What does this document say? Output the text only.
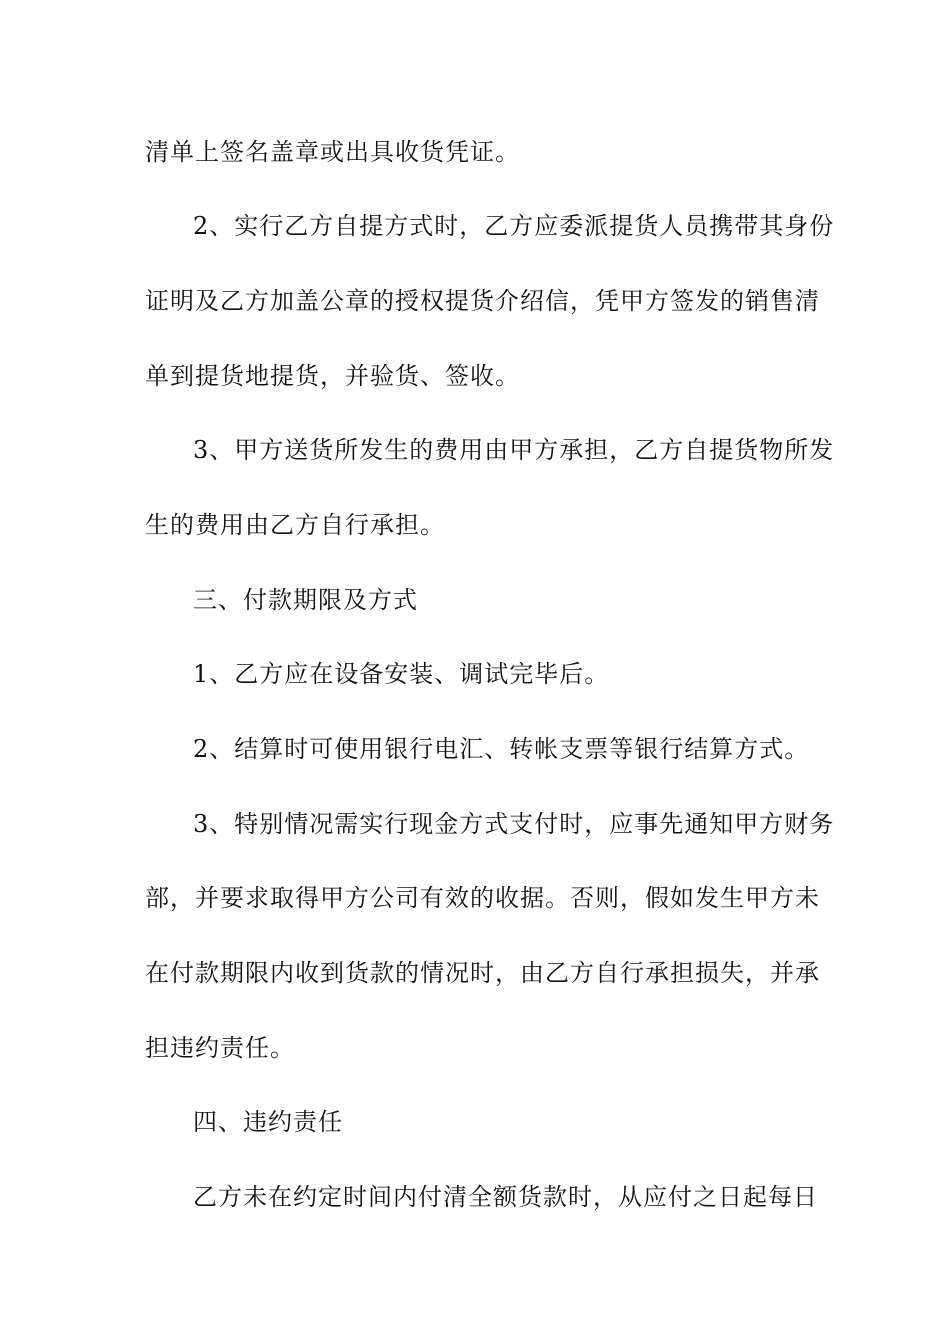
清单上签名盖章或出具收货凭证。
2、实行乙方自提方式时，乙方应委派提货人员携带其身份
证明及乙方加盖公章的授权提货介绍信，凭甲方签发的销售清
单到提货地提货，并验货、签收。
3、甲方送货所发生的费用由甲方承担，乙方自提货物所发
生的费用由乙方自行承担。
三、付款期限及方式
1、乙方应在设备安装、调试完毕后。
2、结算时可使用银行电汇、转帐支票等银行结算方式。
3、特别情况需实行现金方式支付时，应事先通知甲方财务
部，并要求取得甲方公司有效的收据。否则，假如发生甲方未
在付款期限内收到货款的情况时，由乙方自行承担损失，并承
担违约责任。
四、违约责任
乙方未在约定时间内付清全额货款时，从应付之日起每日
